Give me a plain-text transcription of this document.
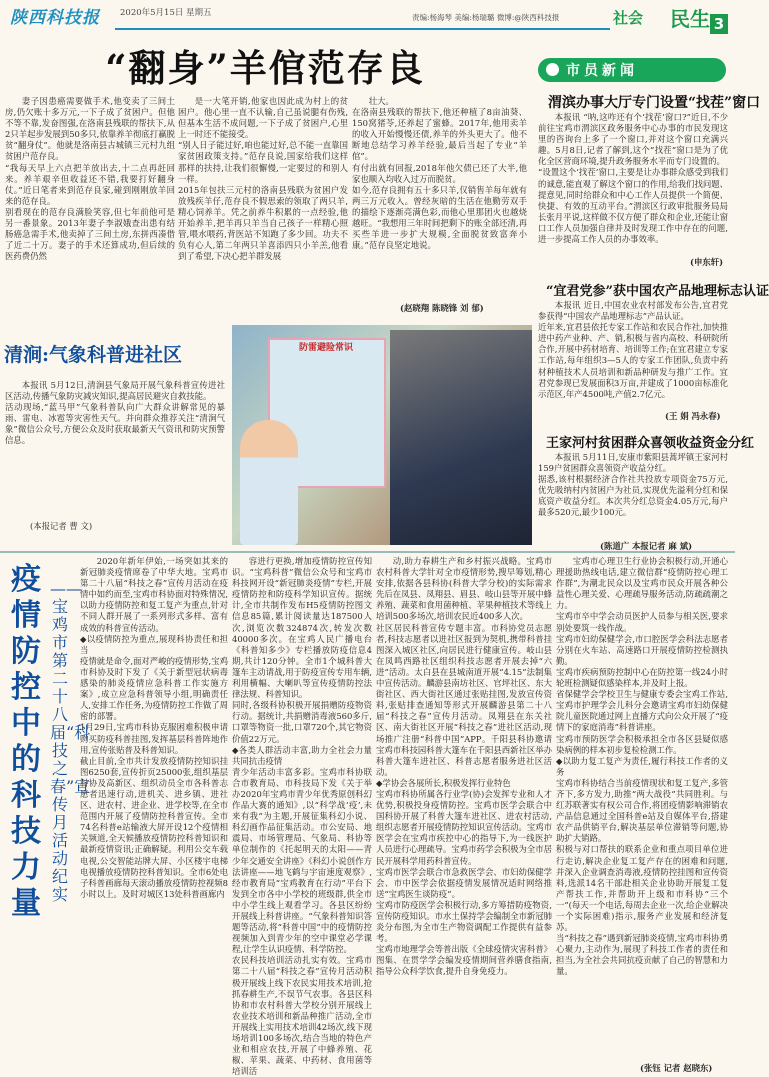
陕西科技报 2020年5月15日 星期五	责编:杨海琴 美编:杨瑞璐 微博:@陕西科技报	社会 民生 3
“翻身”羊倌范存良
妻子因患癌需要做手术,他变卖了三间土房,仍欠账十多万元,一下子成了贫困户。但他不等不靠,发奋图强,在洛南县残联的帮扶下,从2只羊起步发展到50多只,依靠养羊彻底打赢脱贫“翻身仗”。他就是洛南县古城镇三元村九组贫困户范存良。
“我每天早上六点把羊放出去,十二点再赶回来。养羊艰辛但收益还不错,我要打好翻身仗。”近日笔者来到范存良家,碰到刚刚放羊回来的范存良。
别看现在的范存良满脸笑容,但七年前他可是另一番景象。2013年妻子李淑娥查出患有结肠癌急需手术,他卖掉了三间土房,东拼西凑借了近二十万。妻子的手术还算成功,但后续的医药费仍然
是一大笔开销,他家也因此成为村上的贫困户。他心里一直不认输,自己虽说腿有伤残,但基本生活不成问题,一下子成了贫困户,心里上一时还不能接受。
“别人日子能过好,咱也能过好,总不能一直靠国家贫困政策支持。”范存良说,国家给我们这样那样的扶持,让我们很懈慢,一定要过的和别人一样。
2015年包扶三元村的洛南县残联为贫困户发放残疾羊仔,范存良不假思索的领取了两只羊,精心饲养羊。凭之前养牛积累的一点经验,他开始养羊,把羊再只羊当自己孩子一样精心照管,喂水喂药,背医站不知跑了多少回。功夫不负有心人,第二年两只羊喜添四只小羊羔,他看到了希望,下决心把羊群发展
壮大。
在洛南县残联的帮扶下,他还种植了8亩油葵、150窝猪苓,还养起了蜜蜂。2017年,他用卖羊的收入开始慢慢还债,养羊的外头更大了。他不断地总结学习养羊经验,最后当起了专业“羊倌”。
有付出就有回报,2018年他欠债已还了大半,他家也顺入均收入过万而脱贫。
如今,范存良拥有五十多只羊,仅销售羊每年就有两三万元收入。曾经灰暗的生活在他勤劳双手的描绘下逐渐亮满色彩,而他心里那团火也越烧越旺。“我想用三年时间把剩下的账全部还清,再买些羊进一步扩大规模,全面脱贫致富奔小康。”范存良坚定地说。
(赵晓翔 陈晓锋 刘 郁)
清涧:气象科普进社区
本报讯 5月12日,清涧县气象局开展气象科普宣传进社区活动,传播气象防灾减灾知识,提高居民避灾自救技能。
活动现场,“蓝马甲”气象科普队向广大群众讲解常见的暴雨、雷电、冰雹等灾害性天气。并向群众推荐关注“清涧气象”微信公众号,方便公众及时获取最新天气资讯和防灾预警信息。
(本报记者 曹 文)
防雷避险常识
市员新闻
渭滨办事大厅专门设置“找茬”窗口
本报讯 “呐,这咋还有个‘找茬’窗口?”近日,不少前往宝鸡市渭滨区政务服务中心办事的市民发现这里的咨询台上多了一个窗口,并对这个窗口充满兴趣。5月8日,记者了解到,这个“找茬”窗口是为了优化全区营商环境,提升政务服务水平而专门设置的。
“设置这个‘找茬’窗口,主要是让办事群众感受到我们的诚意,能直观了解这个窗口的作用,给我们找问题、提意见,同时给群众和中心工作人员提供一个简便、快捷、有效的互动平台。”渭滨区行政审批服务局局长张月平说,这样做不仅方便了群众和企业,还能让窗口工作人员加强自律并及时发现工作中存在的问题,进一步提高工作人员的办事效率。
(申东轩)
“宜君党参”获中国农产品地理标志认证
本报讯 近日,中国农业农村部发布公告,宜君党参获得“中国农产品地理标志”产品认证。
近年来,宜君县依托专家工作站和农民合作社,加快推进中药产业种、产、销,积极与省内高校、科研院所合作,开展中药材培育、培训等工作;在宜君建立专家工作站,每年组织3—5人的专家工作团队,负责中药材种植技术人员培训和新品种研发与推广工作。宜君党参现已发展面积3万亩,并建成了1000亩标准化示范区,年产4500吨,产值2.7亿元。
(王 娟 冯永春)
王家河村贫困群众喜领收益资金分红
本报讯 5月11日,安康市紫阳县蒿坪镇王家河村159户贫困群众喜领资产收益分红。
据悉,该村根据经济合作社共投放专项资金75万元,优先吸纳村内贫困户为社员,实现优先溢利分红和保底资产收益分红。本次共分红总资金4.05万元,每户最多520元,最少100元。
(陈道广 本报记者 麻 斌)
疫情防控中的科技力量
——宝鸡市第二十八届“科技之春”宣传月活动纪实
2020年新年伊始,一场突如其来的新冠肺炎疫情席卷了中华大地。宝鸡市第二十八届“科技之春”宣传月活动在疫情中如约而至,宝鸡市科协面对特殊情况,以助力疫情防控和复工复产为重点,针对不同人群开展了一系列形式多样、富有成效的科普宣传活动。
◆以疫情防控为重点,展现科协责任和担当
疫情就是命令,面对严峻的疫情形势,宝鸡市科协及时下发了《关于新型冠状病毒感染的肺炎疫情应急科普工作实施方案》,成立应急科普领导小组,明确责任人,安排工作任务,为疫情防控工作做了周密的部署。
1月29日,宝鸡市科协克服困难积极申请购买防疫科普挂图,发挥基层科普阵地作用,宣传张贴普及科普知识。
截止目前,全市共计发放疫情防控知识挂图6250套,宣传折页25000张,组织基层科协及高新区、组织动员全市各科普志愿者迅速行动,进机关、进乡镇、进社区、进农村、进企业、进学校等,在全市范围内开展了疫情防控科普宣传。全市74名科普e站输液大屏开设12个疫情相关频道,全天候播放疫情防控科普知识和最新疫情资讯;正确解疑。利用公交车载电视,公交智能站牌大屏、小区楼宇电梯电视播放疫情防控科普知识。全市6处电子科普画廊每天滚动播放疫情防控视频8小时以上。及时对城区13处科普画廊内
容进行更换,增加疫情防控宣传知识。“宝鸡科普”微信公众号和宝鸡市科技网开设“新冠肺炎疫情”专栏,开展疫情防控和防疫科学知识宣传。据统计,全市共制作发布H5疫情防控图文信息85篇,累计阅读量达187500人次,浏览次数324874次,转发次数40000多次。在宝鸡人民广播电台《科普知多少》专栏播放防疫信息4期,共计120分钟。全市1个城科普大篷车主动请战,用于防疫宣传专用车辆,利用横幅、大喇叭等宣传疫情防控法律法规、科普知识。
同时,各级科协积极开展捐赠防疫物资行动。据统计,共捐赠消毒液560多斤,口罩等物资一批,口罩720个,其它物资价值22万元。
◆各类人群活动丰富,助力全社会力量共同抗击疫情
青少年活动丰富多彩。宝鸡市科协联合市教育局、市科技局下发《关于举办2020年宝鸡市青少年优秀原创科幻作品大赛的通知》,以“科学战‘疫’,未来有我”为主题,开展征集科幻小说、科幻画作品征集活动。市公安局、地震局、市场管理局、气象局、科协等单位制作的《托起明天的太阳——青少年交通安全讲座》《科幻小说创作方法讲座——地飞鹤与宇宙速度观察》,经市教育局“宝鸡教育在行动”平台下发到全市各中小学校的班级群,供全市中小学生线上观看学习。各县区纷纷开展线上科普讲座。“气象科普知识答题等活动,将“科普中国”中的疫情防控视频加入到青少年的空中课堂必学课程,让学生认识疫情、科学防控。
农民科技培训活动扎实有效。宝鸡市第二十八届“科技之春”宣传月活动积极开展线上线下农民实用技术培训,抢抓春耕生产,不误节气农事。各县区科协和市农村科普大学校分别开展线上农业技术培训和新品种推广活动,全市开展线上实用技术培训42场次,线下现场培训100多场次,结合当地的特色产业和相应农技,开展了中蜂养殖、花椒、苹果、蔬菜、中药材、食用菌等培训活
动,助力春耕生产和乡村振兴战略。宝鸡市农村科普大学针对全市疫情形势,搜早筹划,精心安排,依据各县科协(科普大学分校)的实际需求先后在凤县、凤翔县、眉县、岐山县等开展中蜂养殖、蔬菜和食用菌种植、苹果种植技术等线上培训500多场次,培训农民近400多人次。
社区居民科普宣传专题丰富。市科协党员志愿者,科技志愿者以进社区报到为契机,携带科普挂图深入城区社区,向居民进行健康宣传。岐山县在凤鸣西路社区组织科技志愿者开展去掉“六进”活动。太白县在县城南道开展“4.15”法制集中宣传活动。麟游县南坊社区、官坪社区、东大街社区、西大街社区通过张贴挂图,发放宣传资料,张贴排查通知等形式开展麟游县第二十八届“科技之春”宣传月活动。凤翔县在东关社区、南大街社区开展“科技之春”进社区活动,现场推广注册“科普中国”APP。千阳县科协邀请宝鸡市科技园科普大篷车在千阳县西新社区举办科普大篷车进社区、科普志愿者服务进社区活动。
◆学协会各展所长,积极发挥行业特色
宝鸡市科协所属各行业学(协)会发挥专业和人才优势,积极投身疫情防控。宝鸡市医学会联合中国科协开展了科普大篷车进社区、进农村活动,组织志愿者开展疫情防控知识宣传活动。宝鸡市医学会在宝鸡市疾控中心的指导下,为一线医护人员进行心理疏导。宝鸡市药学会积极为全市居民开展科学用药科普宣传。
宝鸡市医学会联合市急救医学会、市妇幼保健学会、市中医学会依据疫情发展情况适时网络推送“宝鸡医生谈防疫”。
宝鸡市防疫医学会积极行动,多方筹措防疫物资,宣传防疫知识。市水土保持学会编制全市新冠肺炎分布图,为全市生产物资调配工作提供有益参考。
宝鸡市地理学会等普出版《全球疫情灾害科普》图集、在贯学学会编发疫情期间营养膳食指南,指导公众科学饮食,提升自身免疫力。
宝鸡市心理卫生行业协会积极行动,开通心理援助热线电话,建立微信群“疫情防控心理工作群”,为潮北民众以及宝鸡市民众开展各种公益性心理关爱、心理疏导服务活动,防疏疏潮之力。
宝鸡市卒中学会动员医护人员参与相关医,要求别处要筑一线作战。
宝鸡市妇幼保健学会,市口腔医学会科法志愿者分别在火车站、高速路口开展疫情防控检测执勤。
宝鸡市疾病预防控制中心在防控第一线24小时轮班检测疑似感染样本,并及时上报。
省保健学会学校卫生与健康专委会宝鸡工作站,宝鸡市护理学会儿科分会邀请宝鸡市妇幼保健院儿童医院通过网上直播方式向公众开展了“疫情下的家庭消毒”科普讲座。
宝鸡市预防医学会积极承担全市各区县疑似感染病例的样本初步复检检测工作。
◆以助力复工复产为责任,履行科技工作者的义务
宝鸡市科协结合当前疫情现状和复工复产,多管齐下,多方发力,助推“两大战役”共同胜利。与红苏联著实有权公司合作,将团疫情影响滞销农产品信息通过全国科普e站及自媒体平台,搭建农产品供销平台,解决基层单位滞销等问题,协助扩大销路。
积极与对口帮扶的联系企业和重点项目单位进行走访,解决企业复工复产存在的困难和问题,并深入企业调查消毒液,疫情防控挂图和宣传资料,选派14名干部赴相关企业协助开展复工复产帮扶工作,并帮助开上级和市科协“三个一”(每天一个电话,每周去企业一次,给企业解决一个实际困难)指示,服务产业发展和经济复苏。
当“科技之春”遇到新冠肺炎疫情,宝鸡市科协勇心聚力,主动作为,展现了科技工作者的责任和担当,为全社会共同抗疫贡献了自己的智慧和力量。
(张钰 记者 赵晓东)
